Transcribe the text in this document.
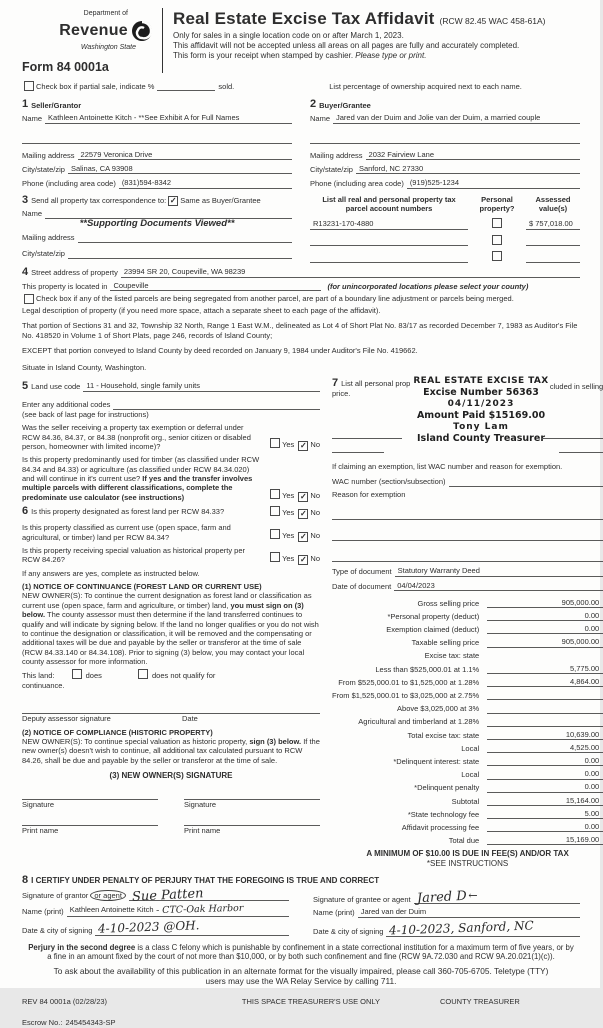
Department of
Revenue
Washington State
Form 84 0001a
Real Estate Excise Tax Affidavit (RCW 82.45 WAC 458-61A)
Only for sales in a single location code on or after March 1, 2023.
This affidavit will not be accepted unless all areas on all pages are fully and accurately completed.
This form is your receipt when stamped by cashier. Please type or print.
Check box if partial sale, indicate %	sold.	List percentage of ownership acquired next to each name.
1 Seller/Grantor
Name Kathleen Antoinette Kitch - **See Exhibit A for Full Names
Mailing address 22579 Veronica Drive
City/state/zip Salinas, CA 93908
Phone (including area code) (831)594-8342
2 Buyer/Grantee
Name Jared van der Duim and Jolie van der Duim, a married couple
Mailing address 2032 Fairview Lane
City/state/zip Sanford, NC 27330
Phone (including area code) (919)525-1234
3 Send all property tax correspondence to: ✓ Same as Buyer/Grantee
Name
**Supporting Documents Viewed**
Mailing address
City/state/zip
List all real and personal property tax
parcel account numbers
Personal
property?
Assessed
value(s)
R13231-170-4880	$ 757,018.00
4 Street address of property 23994 SR 20, Coupeville, WA 98239
This property is located in Coupeville	(for unincorporated locations please select your county)
Check box if any of the listed parcels are being segregated from another parcel, are part of a boundary line adjustment or parcels being merged.
Legal description of property (if you need more space, attach a separate sheet to each page of the affidavit).
That portion of Sections 31 and 32, Township 32 North, Range 1 East W.M., delineated as Lot 4 of Short Plat No. 83/17 as recorded December 7, 1983 as Auditor's File No. 418520 in Volume 1 of Short Plats, page 246, records of Island County;
EXCEPT that portion conveyed to Island County by deed recorded on January 9, 1984 under Auditor's File No. 419662.
Situate in Island County, Washington.
5 Land use code 11 - Household, single family units
Enter any additional codes
(see back of last page for instructions)
Was the seller receiving a property tax exemption or deferral under RCW 84.36, 84.37, or 84.38 (nonprofit org., senior citizen or disabled person, homeowner with limited income)?	Yes ✓ No
Is this property predominantly used for timber (as classified under RCW 84.34 and 84.33) or agriculture (as classified under RCW 84.34.020) and will continue in it's current use? If yes and the transfer involves multiple parcels with different classifications, complete the predominate use calculator (see instructions)	Yes ✓ No
6 Is this property designated as forest land per RCW 84.33?	Yes ✓ No
Is this property classified as current use (open space, farm and agricultural, or timber) land per RCW 84.34?	Yes ✓ No
Is this property receiving special valuation as historical property per RCW 84.26?	Yes ✓ No
If any answers are yes, complete as instructed below.
(1) NOTICE OF CONTINUANCE (FOREST LAND OR CURRENT USE)
NEW OWNER(S): To continue the current designation as forest land or classification as current use (open space, farm and agriculture, or timber) land, you must sign on (3) below. The county assessor must then determine if the land transferred continues to qualify and will indicate by signing below. If the land no longer qualifies or you do not wish to continue the designation or classification, it will be removed and the compensating or additional taxes will be due and payable by the seller or transferor at the time of sale (RCW 84.33.140 or 84.34.108). Prior to signing (3) below, you may contact your local county assessor for more information.
This land:	does	does not qualify for
continuance.
Deputy assessor signature	Date
(2) NOTICE OF COMPLIANCE (HISTORIC PROPERTY)
NEW OWNER(S): To continue special valuation as historic property, sign (3) below. If the new owner(s) doesn't wish to continue, all additional tax calculated pursuant to RCW 84.26, shall be due and payable by the seller or transferor at the time of sale.
(3) NEW OWNER(S) SIGNATURE
Signature	Signature
Print name	Print name
7 List all personal prop	cluded in selling
price.
REAL ESTATE EXCISE TAX
Excise Number 56363
04/11/2023
Amount Paid $15169.00
Tony Lam
Island County Treasurer
If claiming an exemption, list WAC number and reason for exemption.
WAC number (section/subsection)
Reason for exemption
Type of document Statutory Warranty Deed
Date of document 04/04/2023
Gross selling price	905,000.00
*Personal property (deduct)	0.00
Exemption claimed (deduct)	0.00
Taxable selling price	905,000.00
Excise tax: state
Less than $525,000.01 at 1.1%	5,775.00
From $525,000.01 to $1,525,000 at 1.28%	4,864.00
From $1,525,000.01 to $3,025,000 at 2.75%
Above $3,025,000 at 3%
Agricultural and timberland at 1.28%
Total excise tax: state	10,639.00
Local	4,525.00
*Delinquent interest: state	0.00
Local	0.00
*Delinquent penalty	0.00
Subtotal	15,164.00
*State technology fee	5.00
Affidavit processing fee	0.00
Total due	15,169.00
A MINIMUM OF $10.00 IS DUE IN FEE(S) AND/OR TAX
*SEE INSTRUCTIONS
8 I CERTIFY UNDER PENALTY OF PERJURY THAT THE FOREGOING IS TRUE AND CORRECT
Signature of grantor or agent Sue Patten
Name (print) Kathleen Antoinette Kitch - CTC-Oak Harbor
Date & city of signing 4-10-2023 @OH.
Signature of grantee or agent Jared D ←
Name (print) Jared van der Duim
Date & city of signing 4-10-2023, Sanford, NC
Perjury in the second degree is a class C felony which is punishable by confinement in a state correctional institution for a maximum term of five years, or by a fine in an amount fixed by the court of not more than $10,000, or by both such confinement and fine (RCW 9A.72.030 and RCW 9A.20.021(1)(c)).
To ask about the availability of this publication in an alternate format for the visually impaired, please call 360-705-6705. Teletype (TTY) users may use the WA Relay Service by calling 711.
REV 84 0001a (02/28/23)	THIS SPACE TREASURER'S USE ONLY	COUNTY TREASURER
Escrow No.: 245454343-SP
